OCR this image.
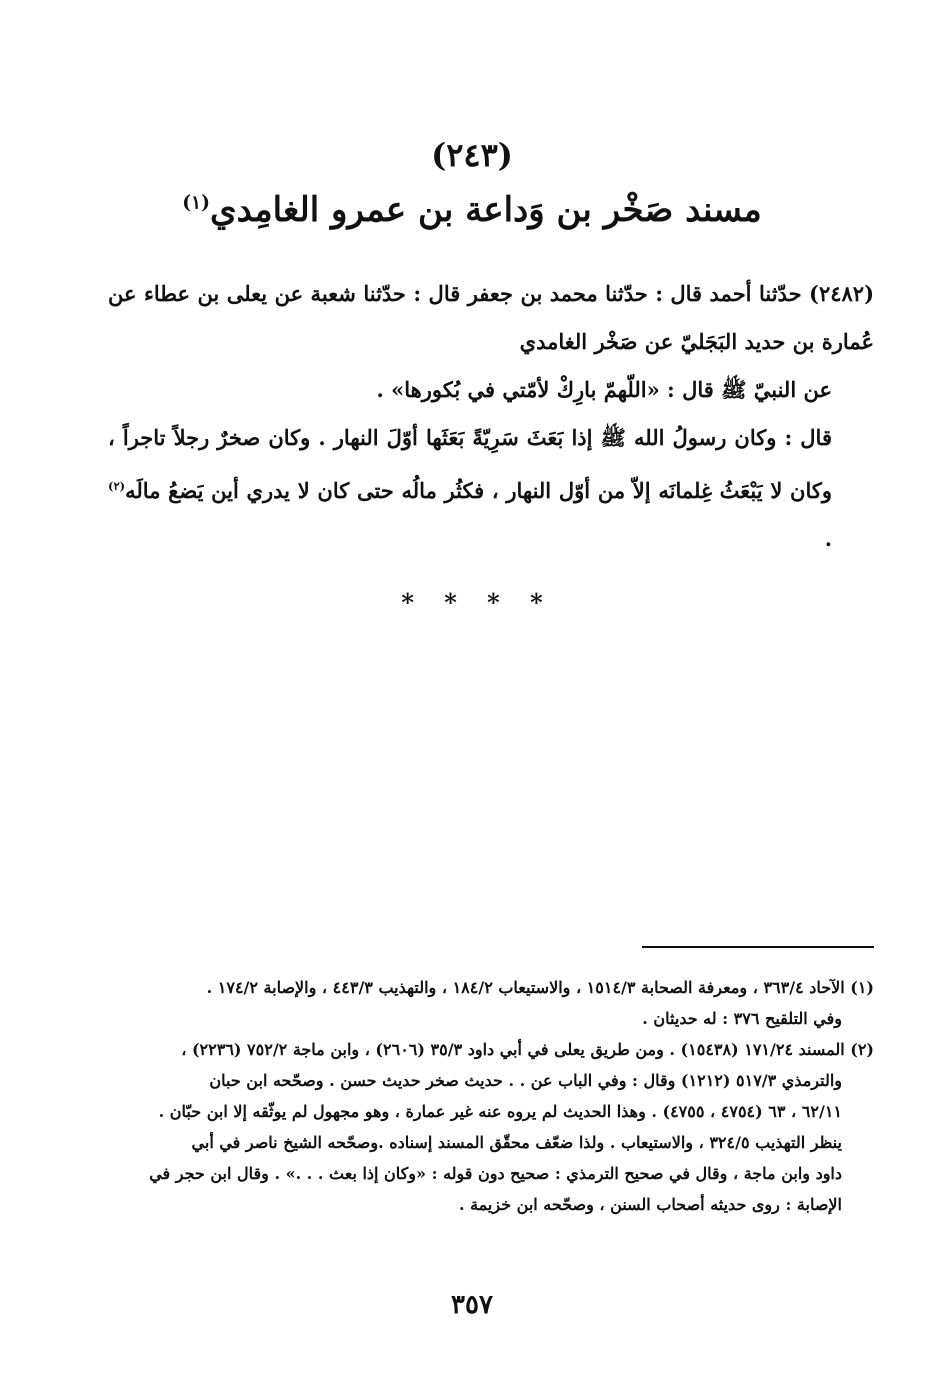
(٢٤٣)
مسند صَخْر بن وَداعة بن عمرو الغامِدي$^{(١)}$

(٢٤٨٢) حدّثنا أحمد قال : حدّثنا محمد بن جعفر قال : حدّثنا شعبة عن يعلى بن عطاء عن عُمارة بن حديد البَجَليّ عن صَخْر الغامدي

عن النبيّ ﷺ قال : «اللّهمّ بارِكْ لأمّتي في بُكورها» .

قال : وكان رسولُ الله ﷺ إذا بَعَثَ سَرِيّةً بَعَثَها أوّلَ النهار . وكان صخرٌ رجلاً تاجراً ، وكان لا يَبْعَثُ غِلمانَه إلاّ من أوّل النهار ، فكثُر مالُه حتى كان لا يدري أين يَضعُ مالَه$^{(٢)}$ .

* * * *

(١) الآحاد ٣٦٣/٤ ، ومعرفة الصحابة ١٥١٤/٣ ، والاستيعاب ١٨٤/٢ ، والتهذيب ٤٤٣/٣ ، والإصابة ١٧٤/٢ .

وفي التلقيح ٣٧٦ : له حديثان .

(٢) المسند ١٧١/٢٤ (١٥٤٣٨) . ومن طريق يعلى في أبي داود ٣٥/٣ (٢٦٠٦) ، وابن ماجة ٧٥٢/٢ (٢٢٣٦) ،

والترمذي ٥١٧/٣ (١٢١٢) وقال : وفي الباب عن . . حديث صخر حديث حسن . وصحّحه ابن حبان

٦٢/١١ ، ٦٣ (٤٧٥٤ ، ٤٧٥٥) . وهذا الحديث لم يروه عنه غير عمارة ، وهو مجهول لم يوثّقه إلا ابن حبّان .

ينظر التهذيب ٣٢٤/٥ ، والاستيعاب . ولذا ضعّف محقّق المسند إسناده .وصحّحه الشيخ ناصر في أبي

داود وابن ماجة ، وقال في صحيح الترمذي : صحيح دون قوله : «وكان إذا بعث . . .» . وقال ابن حجر في

الإصابة : روى حديثه أصحاب السنن ، وصحّحه ابن خزيمة .

٣٥٧
